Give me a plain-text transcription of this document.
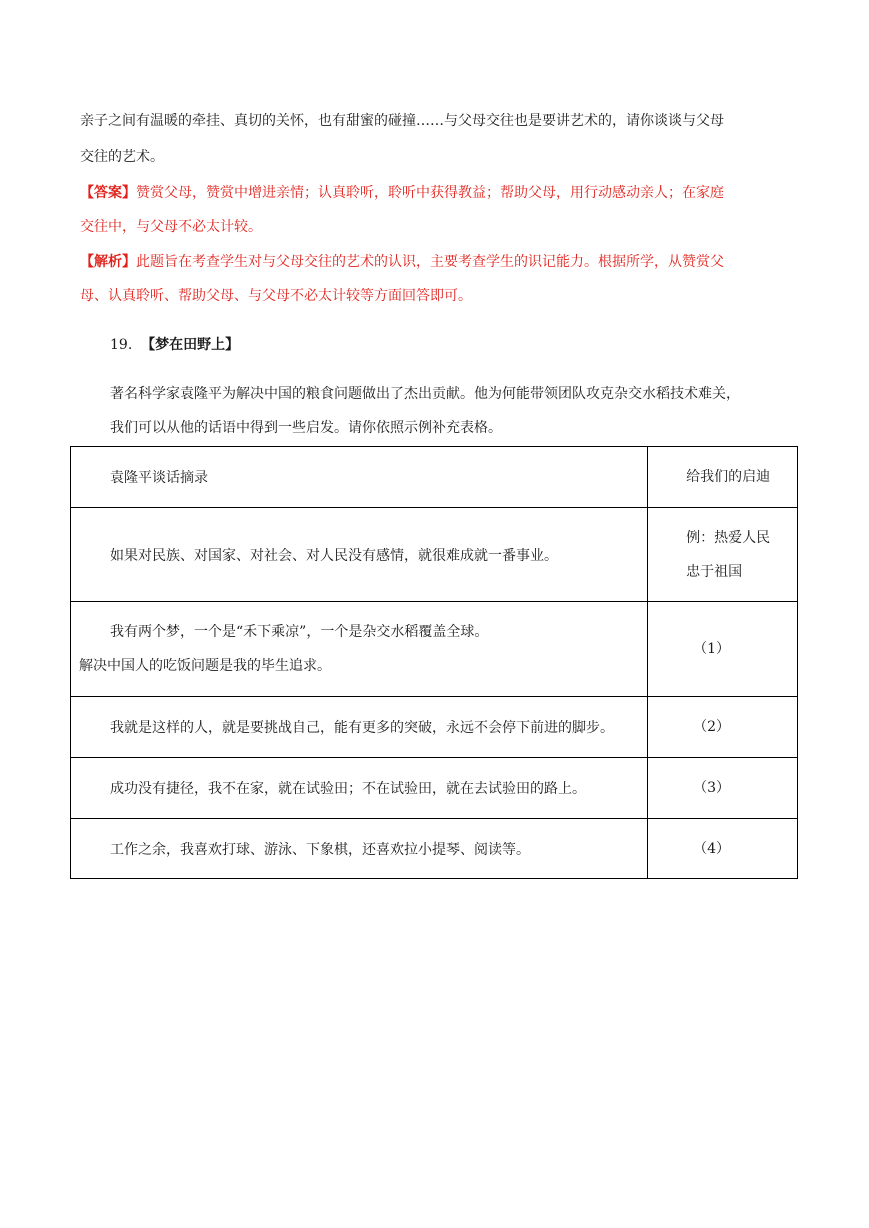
亲子之间有温暖的牵挂、真切的关怀，也有甜蜜的碰撞……与父母交往也是要讲艺术的，请你谈谈与父母
交往的艺术。
【答案】赞赏父母，赞赏中增进亲情；认真聆听，聆听中获得教益；帮助父母，用行动感动亲人；在家庭
交往中，与父母不必太计较。
【解析】此题旨在考查学生对与父母交往的艺术的认识，主要考查学生的识记能力。根据所学，从赞赏父
母、认真聆听、帮助父母、与父母不必太计较等方面回答即可。
19. 【梦在田野上】
著名科学家袁隆平为解决中国的粮食问题做出了杰出贡献。他为何能带领团队攻克杂交水稻技术难关，
我们可以从他的话语中得到一些启发。请你依照示例补充表格。
袁隆平谈话摘录	给我们的启迪
如果对民族、对国家、对社会、对人民没有感情，就很难成就一番事业。	例：热爱人民
忠于祖国

我有两个梦，一个是“禾下乘凉”，一个是杂交水稻覆盖全球。
解决中国人的吃饭问题是我的毕生追求。	（1）
我就是这样的人，就是要挑战自己，能有更多的突破，永远不会停下前进的脚步。	（2）
成功没有捷径，我不在家，就在试验田；不在试验田，就在去试验田的路上。	（3）
工作之余，我喜欢打球、游泳、下象棋，还喜欢拉小提琴、阅读等。	（4）
